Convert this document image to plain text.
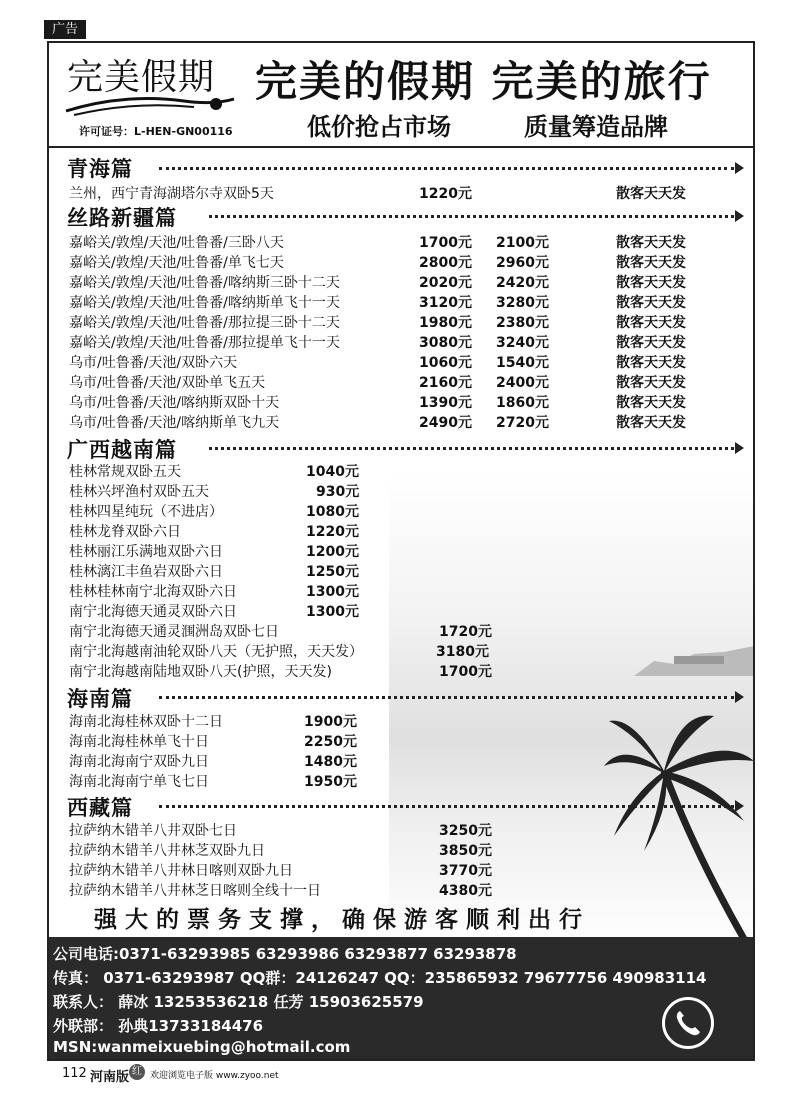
广告
完美假期
许可证号：L-HEN-GN00116
完美的假期 完美的旅行
低价抢占市场	质量筹造品牌
青海篇
兰州，西宁青海湖塔尔寺双卧5天	1220元	散客天天发
丝路新疆篇
嘉峪关/敦煌/天池/吐鲁番/三卧八天	1700元 2100元	散客天天发
嘉峪关/敦煌/天池/吐鲁番/单飞七天	2800元 2960元	散客天天发
嘉峪关/敦煌/天池/吐鲁番/喀纳斯三卧十二天	2020元 2420元	散客天天发
嘉峪关/敦煌/天池/吐鲁番/喀纳斯单飞十一天	3120元 3280元	散客天天发
嘉峪关/敦煌/天池/吐鲁番/那拉提三卧十二天	1980元 2380元	散客天天发
嘉峪关/敦煌/天池/吐鲁番/那拉提单飞十一天	3080元 3240元	散客天天发
乌市/吐鲁番/天池/双卧六天	1060元 1540元	散客天天发
乌市/吐鲁番/天池/双卧单飞五天	2160元 2400元	散客天天发
乌市/吐鲁番/天池/喀纳斯双卧十天	1390元 1860元	散客天天发
乌市/吐鲁番/天池/喀纳斯单飞九天	2490元 2720元	散客天天发
广西越南篇
桂林常规双卧五天	1040元
桂林兴坪渔村双卧五天	930元
桂林四星纯玩（不进店）	1080元
桂林龙脊双卧六日	1220元
桂林丽江乐满地双卧六日	1200元
桂林漓江丰鱼岩双卧六日	1250元
桂林桂林南宁北海双卧六日	1300元
南宁北海德天通灵双卧六日	1300元
南宁北海德天通灵涠洲岛双卧七日	1720元
南宁北海越南油轮双卧八天（无护照，天天发）	3180元
南宁北海越南陆地双卧八天(护照，天天发)	1700元
海南篇
海南北海桂林双卧十二日	1900元
海南北海桂林单飞十日	2250元
海南北海南宁双卧九日	1480元
海南北海南宁单飞七日	1950元
西藏篇
拉萨纳木错羊八井双卧七日	3250元
拉萨纳木错羊八井林芝双卧九日	3850元
拉萨纳木错羊八井林日喀则双卧九日	3770元
拉萨纳木错羊八井林芝日喀则全线十一日	4380元
强大的票务支撑，确保游客顺利出行
公司电话:0371-63293985 63293986 63293877 63293878
传真： 0371-63293987 QQ群：24126247 QQ：235865932 79677756 490983114
联系人： 薛冰 13253536218 任芳 15903625579
外联部： 孙典13733184476
MSN:wanmeixuebing@hotmail.com
112 河南版 红 欢迎浏览电子版 www.zyoo.net
